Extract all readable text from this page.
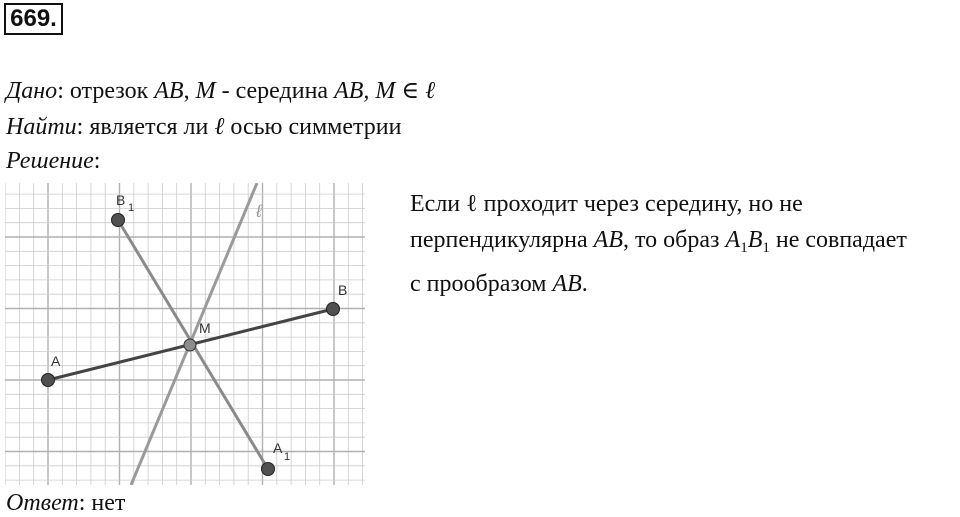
669.
Дано: отрезок AB, M - середина AB, M ∈ ℓ
Найти: является ли ℓ осью симметрии
Решение:
A
B
M
B 1
A
1
ℓ	Если ℓ проходит через середину, но не

перпендикулярна AB, то образ $A_1B_1$ не совпадает

с прообразом AB.

Ответ: нет
